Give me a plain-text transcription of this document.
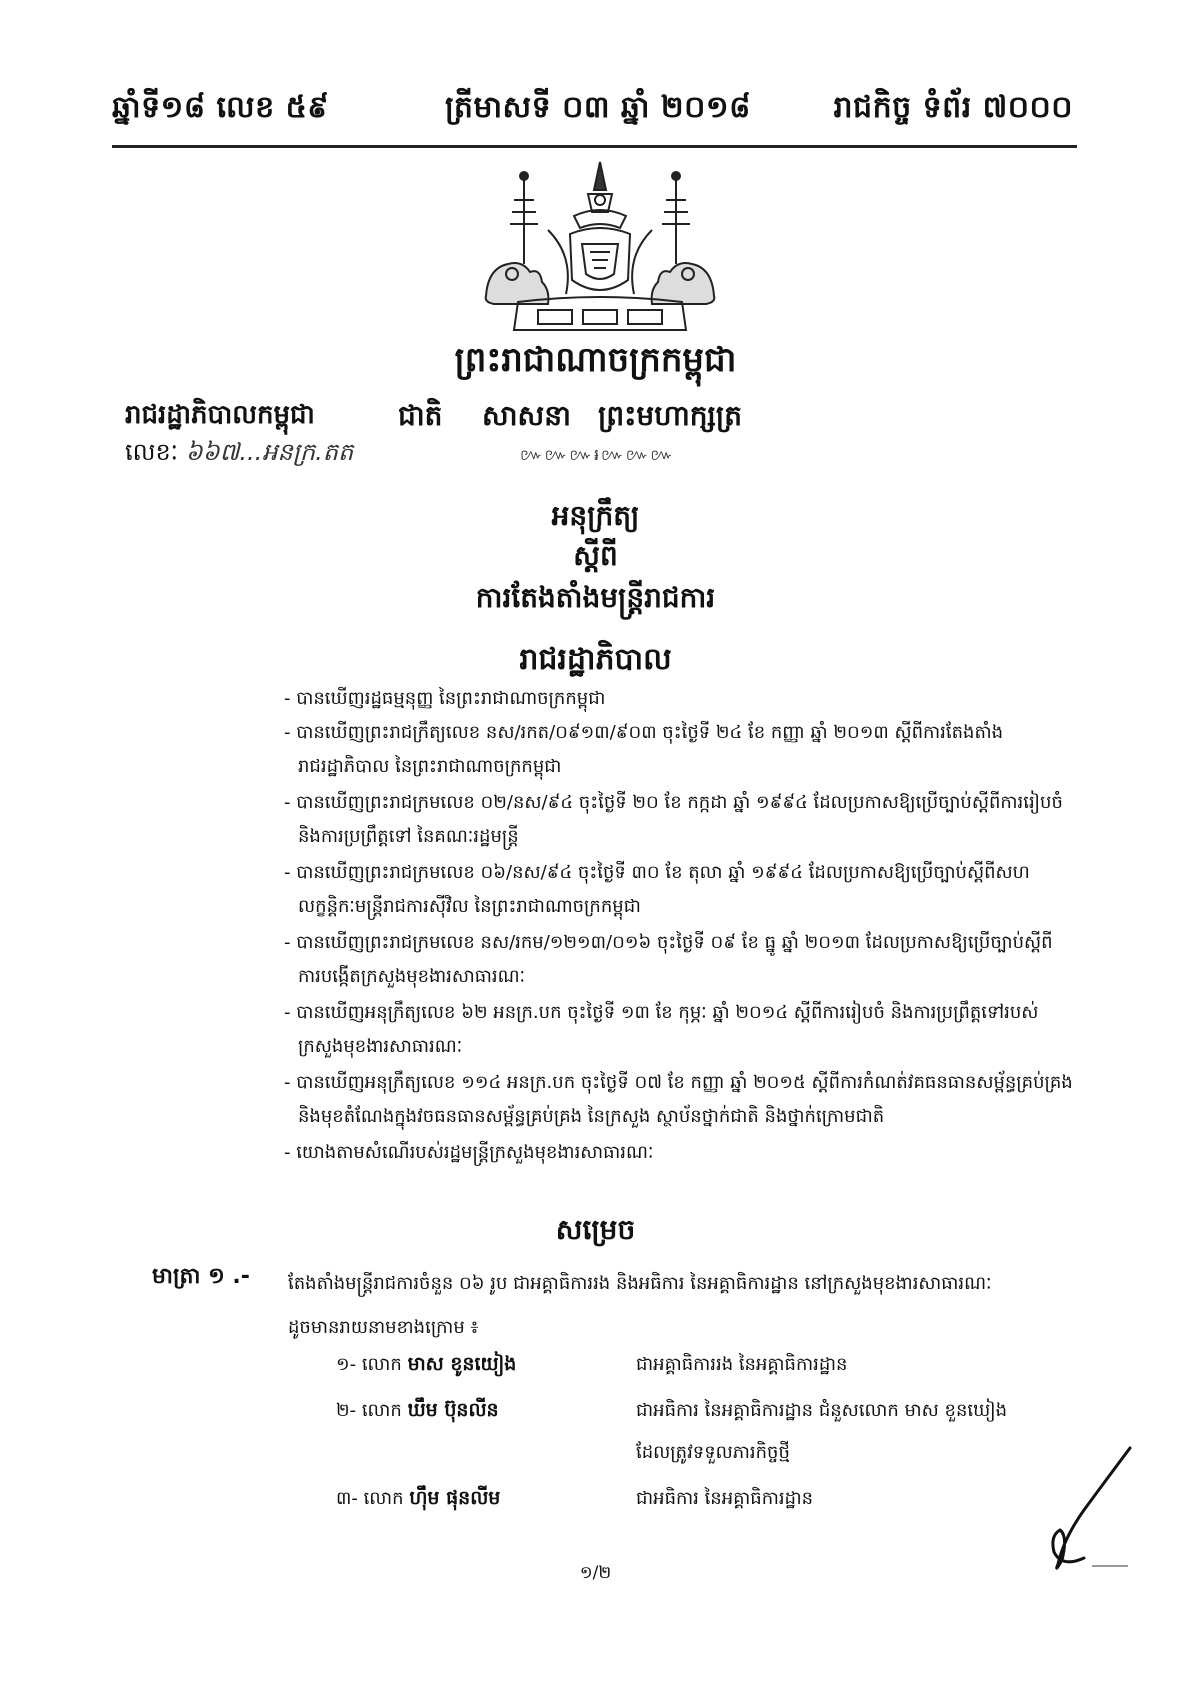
ឆ្នាំទី១៨ លេខ ៥៩	ត្រីមាសទី ០៣ ឆ្នាំ ២០១៨	រាជកិច្ច ទំព័រ ៧០០០
ព្រះរាជាណាចក្រកម្ពុជា
រាជរដ្ឋាភិបាលកម្ពុជា	ជាតិ សាសនា ព្រះមហាក្សត្រ
លេខៈ ៦៦៧...អនក្រ.តត	៚៚៚៛៚៚៚
អនុក្រឹត្យ
ស្តីពី
ការតែងតាំងមន្ត្រីរាជការ
រាជរដ្ឋាភិបាល
- បានឃើញរដ្ឋធម្មនុញ្ញ នៃព្រះរាជាណាចក្រកម្ពុជា
- បានឃើញព្រះរាជក្រឹត្យលេខ នស/រកត/០៩១៣/៩០៣ ចុះថ្ងៃទី ២៤ ខែ កញ្ញា ឆ្នាំ ២០១៣ ស្តីពីការតែងតាំង
រាជរដ្ឋាភិបាល នៃព្រះរាជាណាចក្រកម្ពុជា
- បានឃើញព្រះរាជក្រមលេខ ០២/នស/៩៤ ចុះថ្ងៃទី ២០ ខែ កក្កដា ឆ្នាំ ១៩៩៤ ដែលប្រកាសឱ្យប្រើច្បាប់ស្តីពីការរៀបចំ
និងការប្រព្រឹត្តទៅ នៃគណៈរដ្ឋមន្ត្រី
- បានឃើញព្រះរាជក្រមលេខ ០៦/នស/៩៤ ចុះថ្ងៃទី ៣០ ខែ តុលា ឆ្នាំ ១៩៩៤ ដែលប្រកាសឱ្យប្រើច្បាប់ស្តីពីសហ
លក្ខន្តិកៈមន្ត្រីរាជការស៊ីវិល នៃព្រះរាជាណាចក្រកម្ពុជា
- បានឃើញព្រះរាជក្រមលេខ នស/រកម/១២១៣/០១៦ ចុះថ្ងៃទី ០៩ ខែ ធ្នូ ឆ្នាំ ២០១៣ ដែលប្រកាសឱ្យប្រើច្បាប់ស្តីពី
ការបង្កើតក្រសួងមុខងារសាធារណៈ
- បានឃើញអនុក្រឹត្យលេខ ៦២ អនក្រ.បក ចុះថ្ងៃទី ១៣ ខែ កុម្ភៈ ឆ្នាំ ២០១៤ ស្តីពីការរៀបចំ និងការប្រព្រឹត្តទៅរបស់
ក្រសួងមុខងារសាធារណៈ
- បានឃើញអនុក្រឹត្យលេខ ១១៤ អនក្រ.បក ចុះថ្ងៃទី ០៧ ខែ កញ្ញា ឆ្នាំ ២០១៥ ស្តីពីការកំណត់វគធនធានសម្ព័ន្ធគ្រប់គ្រង
និងមុខតំណែងក្នុងវចធនធានសម្ព័ន្ធគ្រប់គ្រង នៃក្រសួង ស្ថាប័នថ្នាក់ជាតិ និងថ្នាក់ក្រោមជាតិ
- យោងតាមសំណើរបស់រដ្ឋមន្ត្រីក្រសួងមុខងារសាធារណៈ
សម្រេច
មាត្រា ១ .- តែងតាំងមន្ត្រីរាជការចំនួន ០៦ រូប ជាអគ្គាធិការរង និងអធិការ នៃអគ្គាធិការដ្ឋាន នៅក្រសួងមុខងារសាធារណៈ
ដូចមានរាយនាមខាងក្រោម ៖
១- លោក មាស ខូនយៀង	ជាអគ្គាធិការរង នៃអគ្គាធិការដ្ឋាន
២- លោក ឃឹម ប៊ុនលីន	ជាអធិការ នៃអគ្គាធិការដ្ឋាន ជំនួសលោក មាស ខួនឃៀង
ដែលត្រូវទទួលភារកិច្ចថ្មី
៣- លោក ហ៊ឹម ផុនលីម	ជាអធិការ នៃអគ្គាធិការដ្ឋាន
១/២
